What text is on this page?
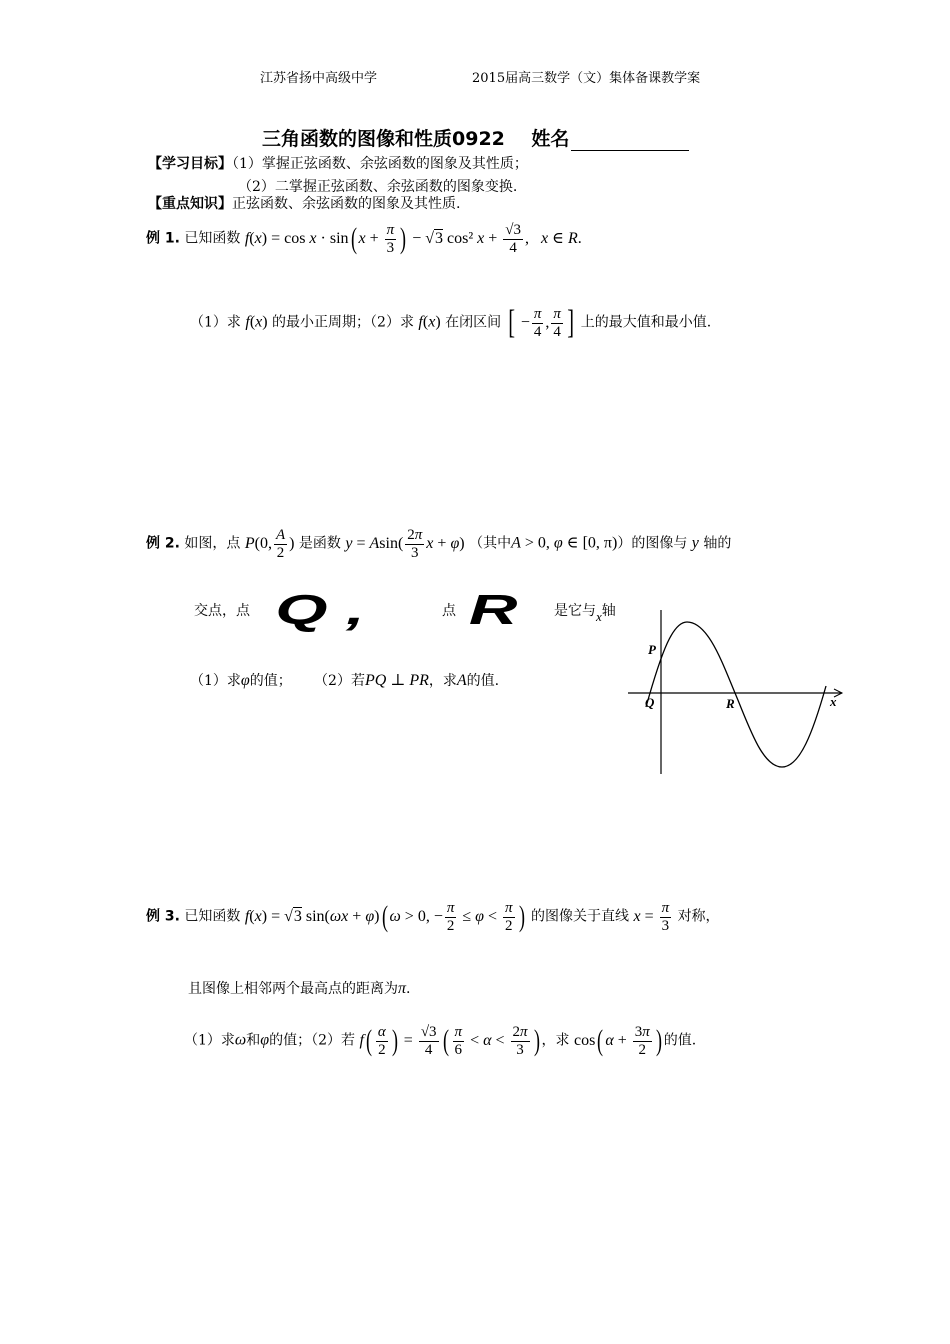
江苏省扬中高级中学	2015届高三数学（文）集体备课教学案
三角函数的图像和性质0922 姓名
【学习目标】（1）掌握正弦函数、余弦函数的图象及其性质；
（2）二掌握正弦函数、余弦函数的图象变换.
【重点知识】正弦函数、余弦函数的图象及其性质.
例 1. 已知函数 f(x) = cos x · sin( $x + \frac{\pi}{3}$ ) − √3 cos² $x + \frac{√3}{4}$ ,   x ∈ R.
（1）求 f(x) 的最小正周期；（2）求 f(x) 在闭区间 [ − $\frac{\pi}{4}$ , $\frac{\pi}{4}$ ] 上的最大值和最小值.
例 2. 如图，点 P(0, $\frac{A}{2}$ ) 是函数 $y = Asin( \frac{2\pi}{3}$ x + φ) （其中A > 0, φ ∈ [0, π)）的图像与 y 轴的
交点，点 Q ,	点 R	是它与x轴
（1）求φ的值； （2）若PQ ⊥ PR，求A的值.
P
Q	R	x
例 3. 已知函数 f(x) = √3 sin(ωx + φ)( ω > 0, − $\frac{\pi}{2} \le \varphi < \frac{\pi}{2}$ ) 的图像关于直线 $x = \frac{\pi}{3}$ 对称，
且图像上相邻两个最高点的距离为π.
（1）求ω和φ的值；（2）若 $f( \frac{\alpha}{2}$ ) = $\frac{√3}{4}$ ( $\frac{\pi}{6} < \alpha < \frac{2\pi}{3}$ ) ，求 cos( $\alpha + \frac{3\pi}{2}$ ) 的值.
